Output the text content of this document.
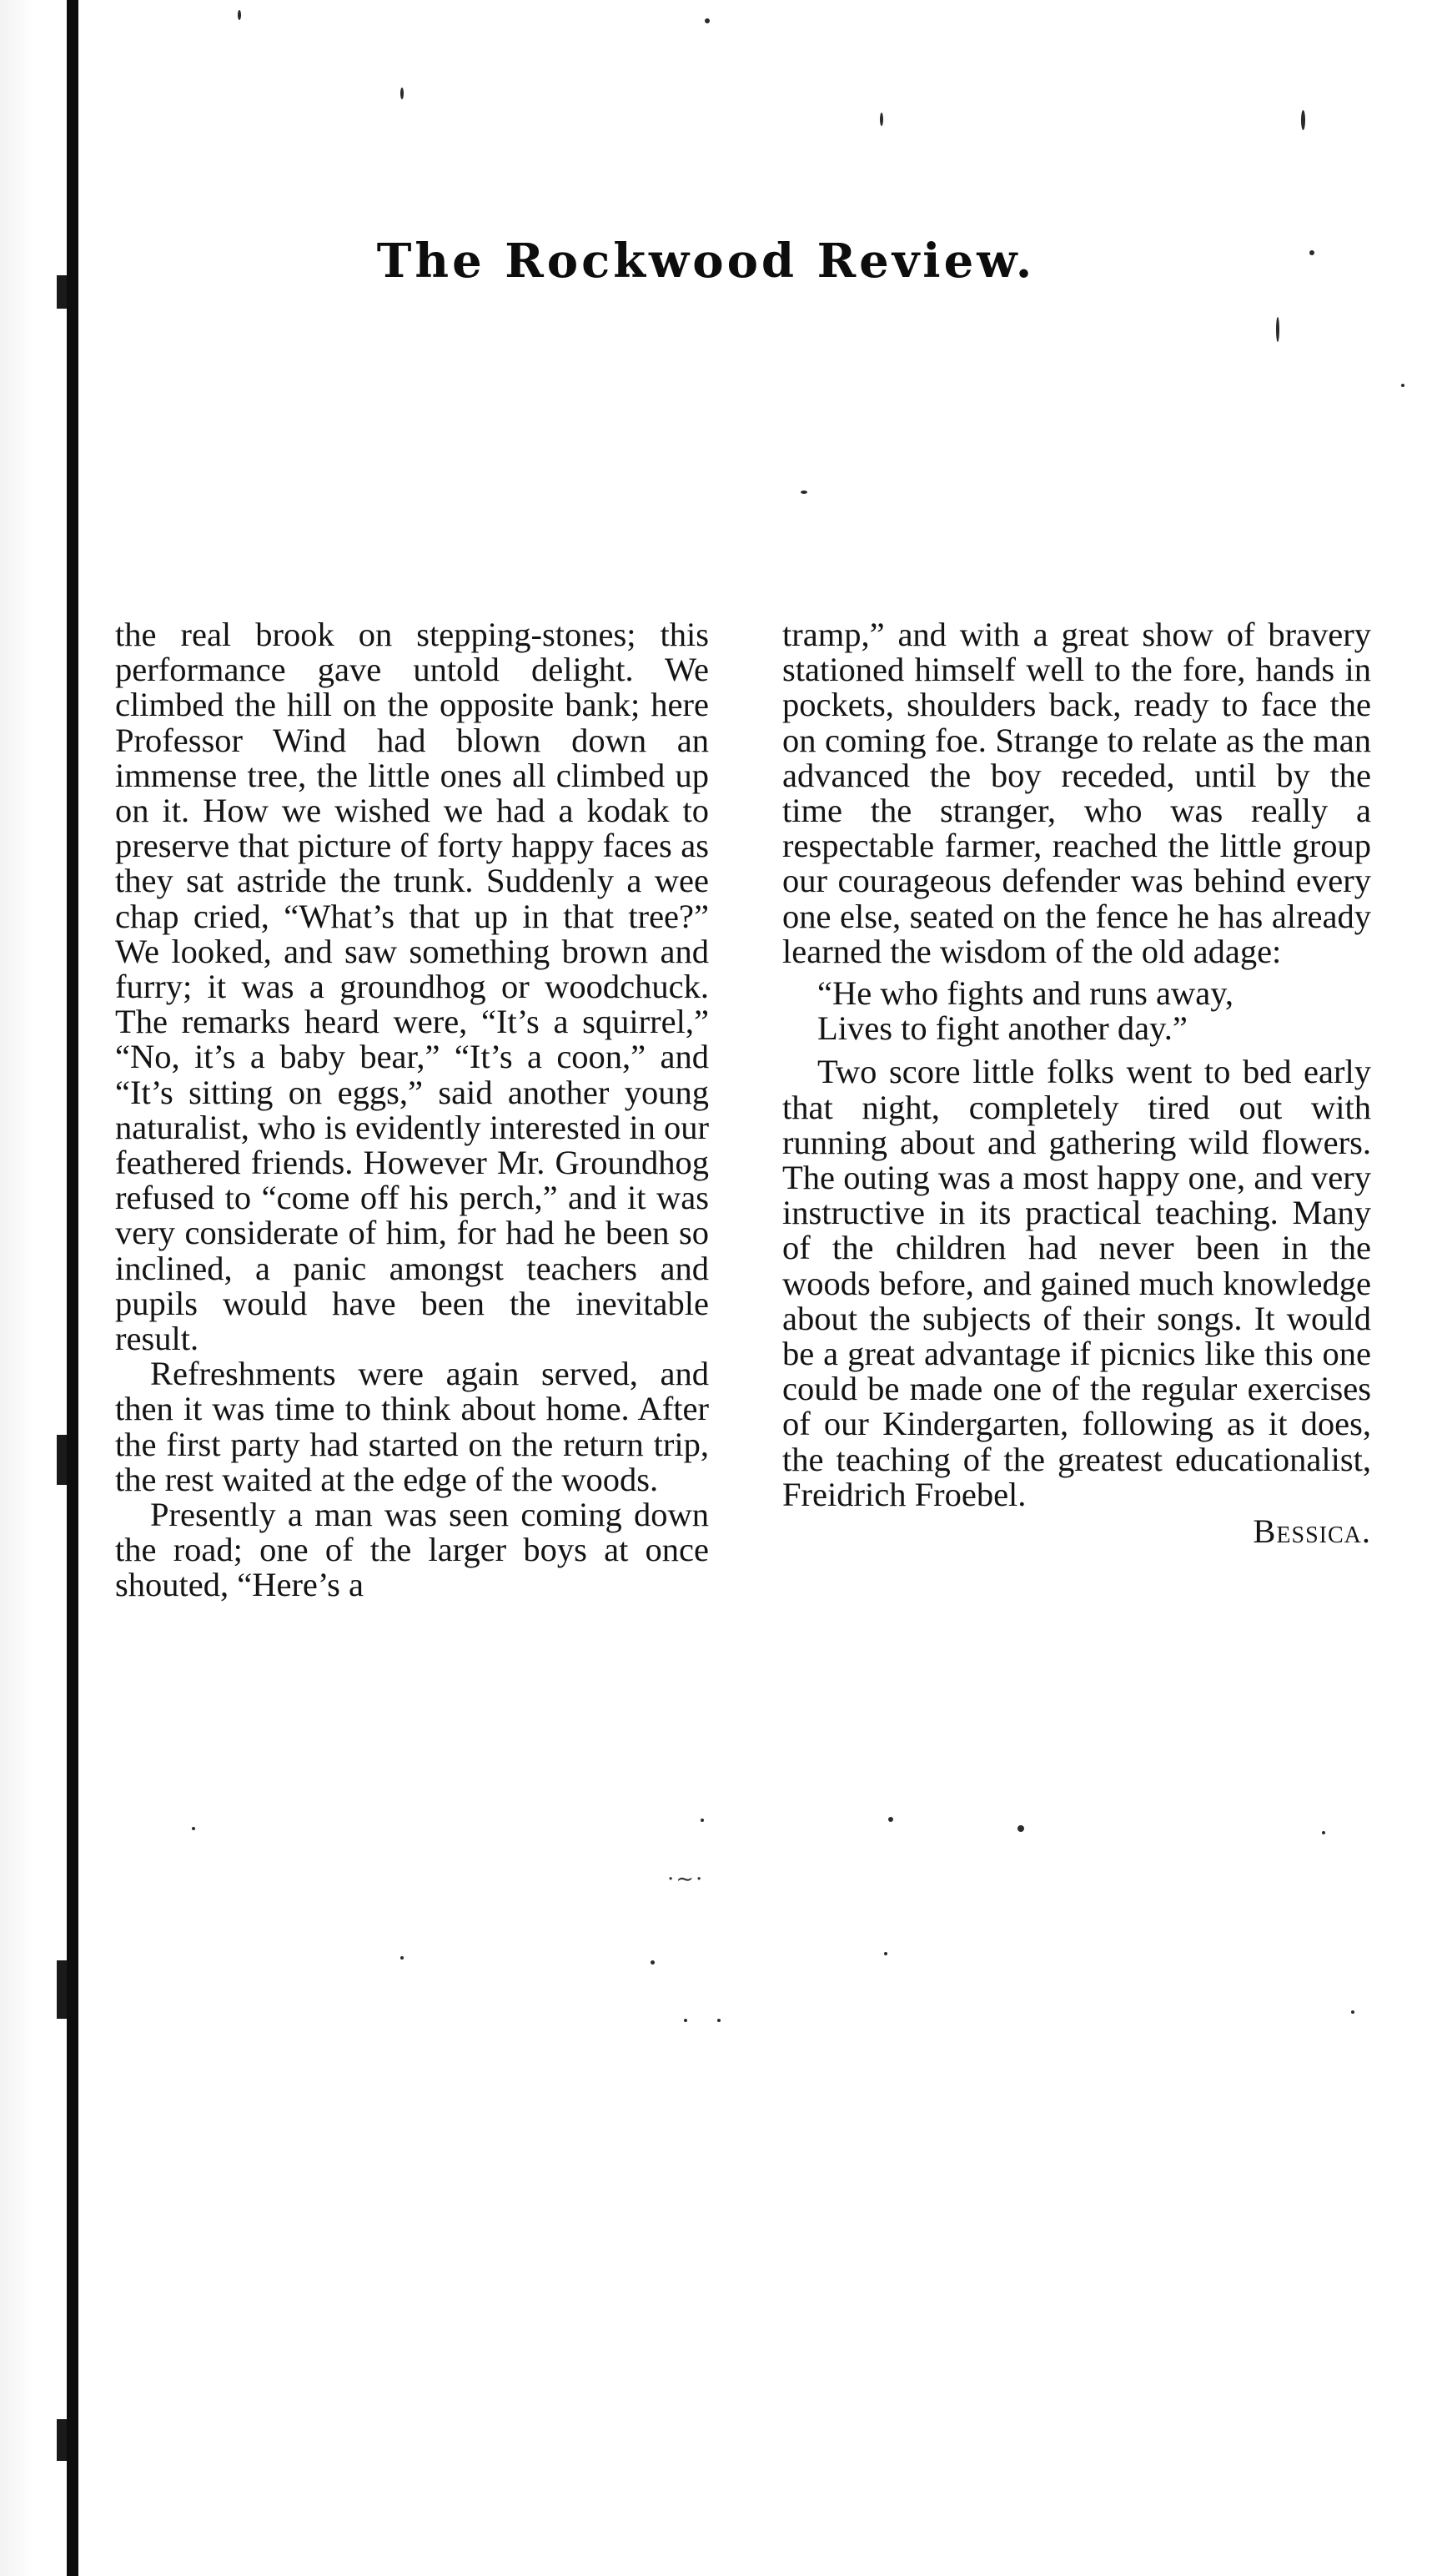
The Rockwood Review.

the real brook on stepping-stones; this performance gave untold delight. We climbed the hill on the opposite bank; here Professor Wind had blown down an immense tree, the little ones all climbed up on it. How we wished we had a kodak to preserve that picture of forty happy faces as they sat astride the trunk. Suddenly a wee chap cried, “What’s that up in that tree?” We looked, and saw something brown and furry; it was a groundhog or woodchuck. The remarks heard were, “It’s a squirrel,” “No, it’s a baby bear,” “It’s a coon,” and “It’s sitting on eggs,” said another young naturalist, who is evidently interested in our feathered friends. However Mr. Groundhog refused to “come off his perch,” and it was very considerate of him, for had he been so inclined, a panic amongst teachers and pupils would have been the inevitable result.

Refreshments were again served, and then it was time to think about home. After the first party had started on the return trip, the rest waited at the edge of the woods.

Presently a man was seen coming down the road; one of the larger boys at once shouted, “Here’s a

tramp,” and with a great show of bravery stationed himself well to the fore, hands in pockets, shoulders back, ready to face the on coming foe. Strange to relate as the man advanced the boy receded, until by the time the stranger, who was really a respectable farmer, reached the little group our courageous defender was behind every one else, seated on the fence he has already learned the wisdom of the old adage:

“He who fights and runs away,
Lives to fight another day.”

Two score little folks went to bed early that night, completely tired out with running about and gathering wild flowers. The outing was a most happy one, and very instructive in its practical teaching. Many of the children had never been in the woods before, and gained much knowledge about the subjects of their songs. It would be a great advantage if picnics like this one could be made one of the regular exercises of our Kindergarten, following as it does, the teaching of the greatest educationalist, Freidrich Froebel.

Bessica.
·∼·
